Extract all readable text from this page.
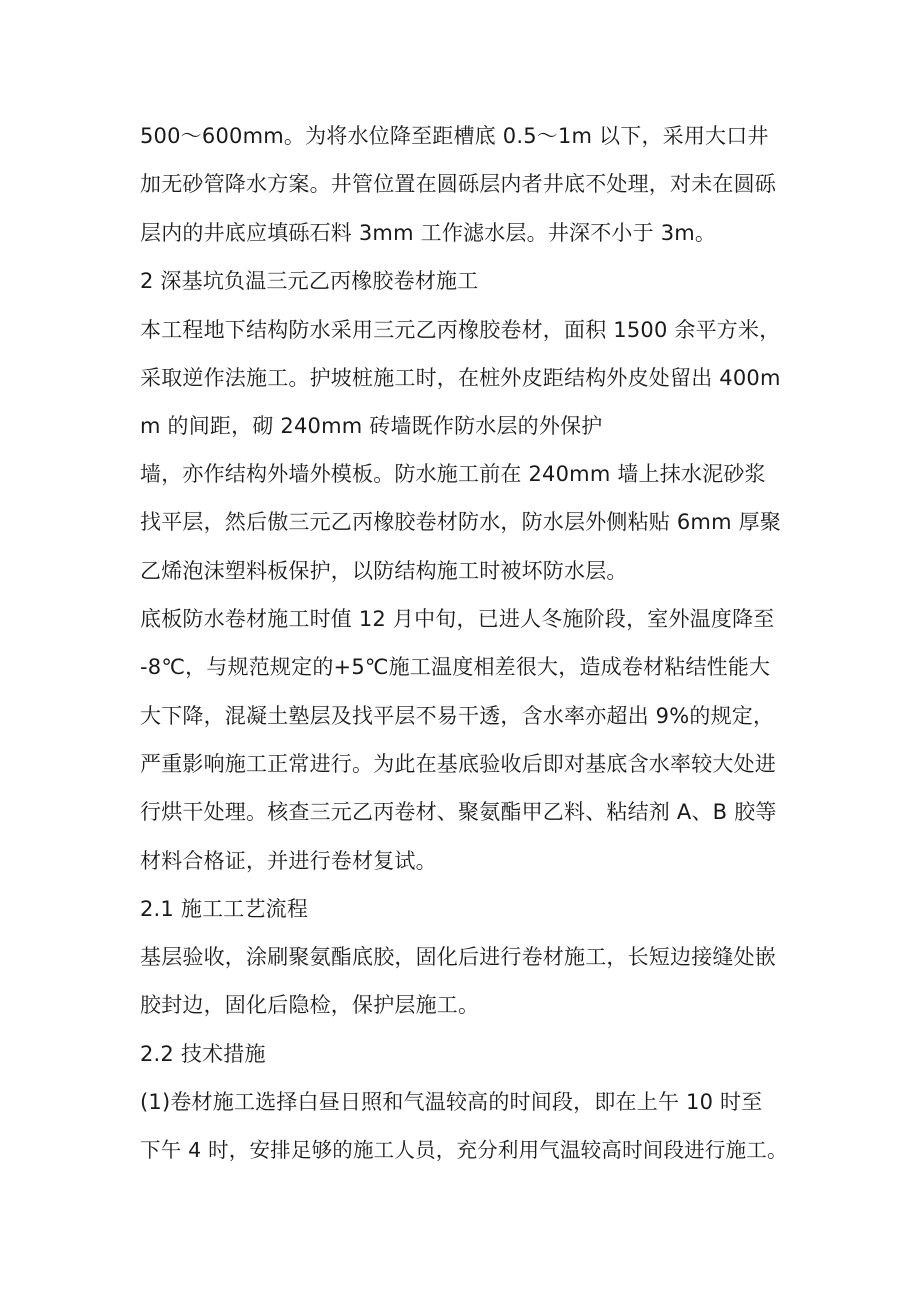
500～600mm。为将水位降至距槽底 0.5～1m 以下，采用大口井
加无砂管降水方案。井管位置在圆砾层内者井底不处理，对未在圆砾
层内的井底应填砾石料 3mm 工作滤水层。井深不小于 3m。
2 深基坑负温三元乙丙橡胶卷材施工
本工程地下结构防水采用三元乙丙橡胶卷材，面积 1500 余平方米，
采取逆作法施工。护坡桩施工时，在桩外皮距结构外皮处留出 400m
m 的间距，砌 240mm 砖墙既作防水层的外保护
墙，亦作结构外墙外模板。防水施工前在 240mm 墙上抹水泥砂浆
找平层，然后傲三元乙丙橡胶卷材防水，防水层外侧粘贴 6mm 厚聚
乙烯泡沫塑料板保护，以防结构施工时被坏防水层。
底板防水卷材施工时值 12 月中旬，已进人冬施阶段，室外温度降至
-8℃，与规范规定的+5℃施工温度相差很大，造成卷材粘结性能大
大下降，混凝土塾层及找平层不易干透，含水率亦超出 9%的规定，
严重影响施工正常进行。为此在基底验收后即对基底含水率较大处进
行烘干处理。核查三元乙丙卷材、聚氨酯甲乙料、粘结剂 A、B 胶等
材料合格证，并进行卷材复试。
2.1 施工工艺流程
基层验收，涂刷聚氨酯底胶，固化后进行卷材施工，长短边接缝处嵌
胶封边，固化后隐检，保护层施工。
2.2 技术措施
(1)卷材施工选择白昼日照和气温较高的时间段，即在上午 10 时至
下午 4 时，安排足够的施工人员，充分利用气温较高时间段进行施工。
